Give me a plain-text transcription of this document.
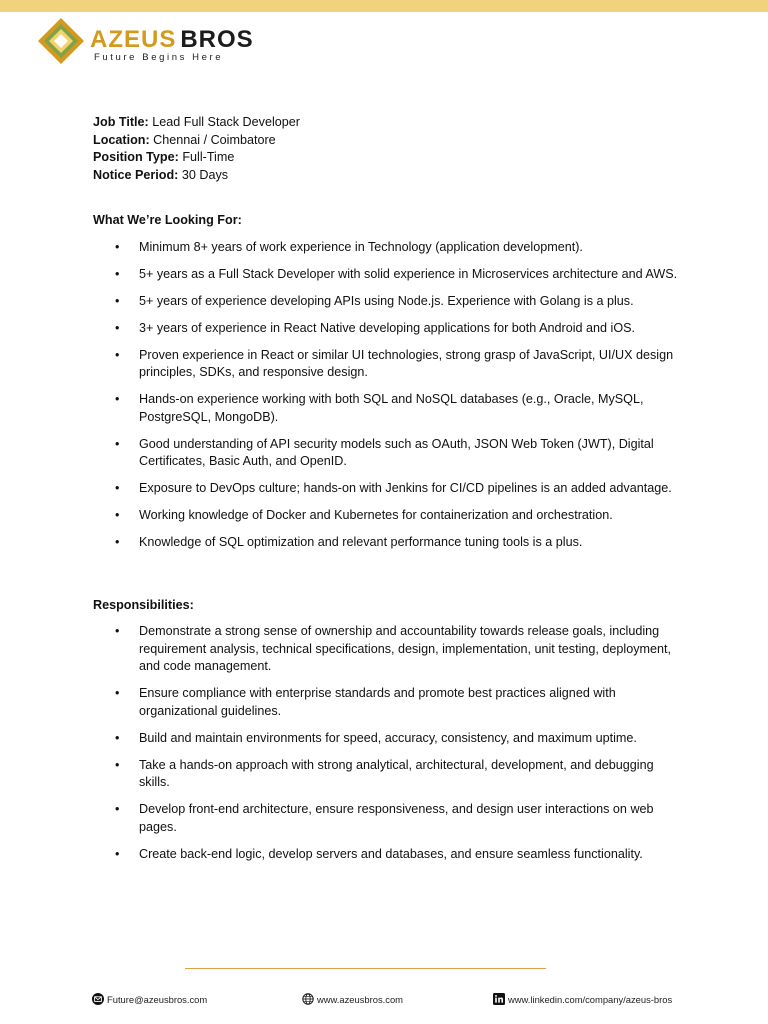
AZEUS BROS
Future Begins Here
Job Title: Lead Full Stack Developer
Location: Chennai / Coimbatore
Position Type: Full-Time
Notice Period: 30 Days
What We’re Looking For:
• Minimum 8+ years of work experience in Technology (application development).
• 5+ years as a Full Stack Developer with solid experience in Microservices architecture and AWS.
• 5+ years of experience developing APIs using Node.js. Experience with Golang is a plus.
• 3+ years of experience in React Native developing applications for both Android and iOS.
• Proven experience in React or similar UI technologies, strong grasp of JavaScript, UI/UX design principles, SDKs, and responsive design.
• Hands-on experience working with both SQL and NoSQL databases (e.g., Oracle, MySQL, PostgreSQL, MongoDB).
• Good understanding of API security models such as OAuth, JSON Web Token (JWT), Digital Certificates, Basic Auth, and OpenID.
• Exposure to DevOps culture; hands-on with Jenkins for CI/CD pipelines is an added advantage.
• Working knowledge of Docker and Kubernetes for containerization and orchestration.
• Knowledge of SQL optimization and relevant performance tuning tools is a plus.
Responsibilities:
• Demonstrate a strong sense of ownership and accountability towards release goals, including requirement analysis, technical specifications, design, implementation, unit testing, deployment, and code management.
• Ensure compliance with enterprise standards and promote best practices aligned with organizational guidelines.
• Build and maintain environments for speed, accuracy, consistency, and maximum uptime.
• Take a hands-on approach with strong analytical, architectural, development, and debugging skills.
• Develop front-end architecture, ensure responsiveness, and design user interactions on web pages.
• Create back-end logic, develop servers and databases, and ensure seamless functionality.
Future@azeusbros.com	www.azeusbros.com	www.linkedin.com/company/azeus-bros
